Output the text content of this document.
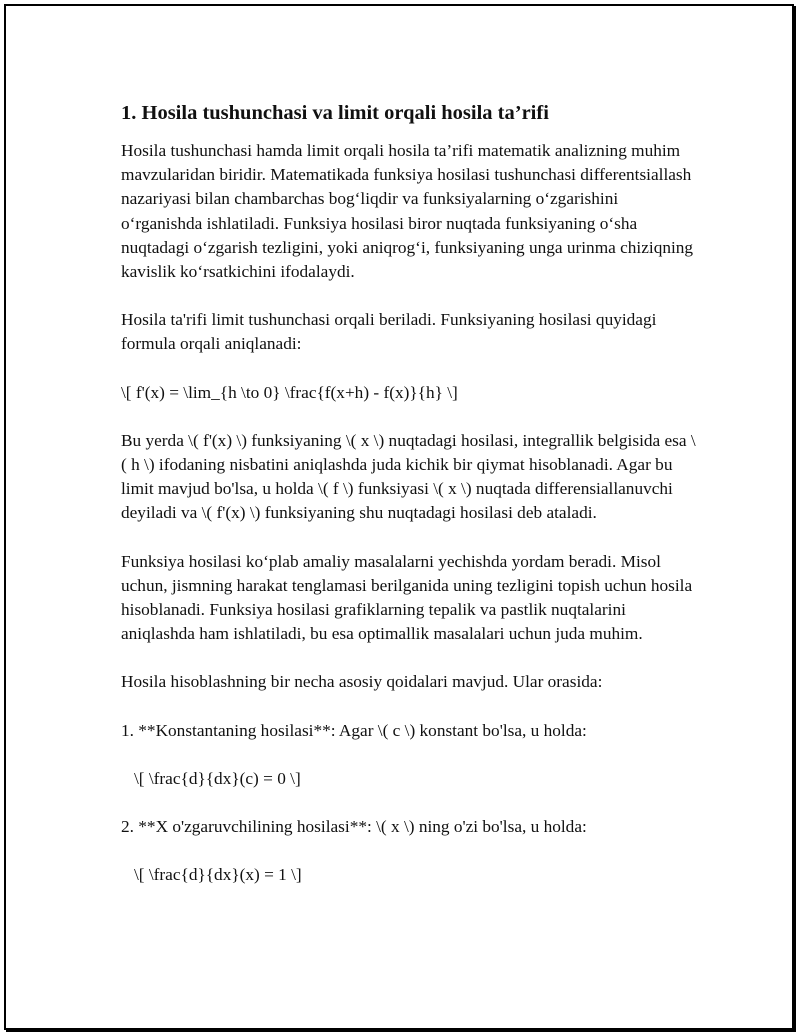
1. Hosila tushunchasi va limit orqali hosila ta’rifi

Hosila tushunchasi hamda limit orqali hosila ta’rifi matematik analizning muhim mavzularidan biridir. Matematikada funksiya hosilasi tushunchasi differentsiallash nazariyasi bilan chambarchas bog‘liqdir va funksiyalarning o‘zgarishini o‘rganishda ishlatiladi. Funksiya hosilasi biror nuqtada funksiyaning o‘sha nuqtadagi o‘zgarish tezligini, yoki aniqrog‘i, funksiyaning unga urinma chiziqning kavislik ko‘rsatkichini ifodalaydi.

Hosila ta'rifi limit tushunchasi orqali beriladi. Funksiyaning hosilasi quyidagi formula orqali aniqlanadi:

\[ f'(x) = \lim_{h \to 0} \frac{f(x+h) - f(x)}{h} \]

Bu yerda \( f'(x) \) funksiyaning \( x \) nuqtadagi hosilasi, integrallik belgisida esa \( h \) ifodaning nisbatini aniqlashda juda kichik bir qiymat hisoblanadi. Agar bu limit mavjud bo'lsa, u holda \( f \) funksiyasi \( x \) nuqtada differensiallanuvchi deyiladi va \( f'(x) \) funksiyaning shu nuqtadagi hosilasi deb ataladi.

Funksiya hosilasi ko‘plab amaliy masalalarni yechishda yordam beradi. Misol uchun, jismning harakat tenglamasi berilganida uning tezligini topish uchun hosila hisoblanadi. Funksiya hosilasi grafiklarning tepalik va pastlik nuqtalarini aniqlashda ham ishlatiladi, bu esa optimallik masalalari uchun juda muhim.

Hosila hisoblashning bir necha asosiy qoidalari mavjud. Ular orasida:

1. **Konstantaning hosilasi**: Agar \( c \) konstant bo'lsa, u holda:

\[ \frac{d}{dx}(c) = 0 \]

2. **X o'zgaruvchilining hosilasi**: \( x \) ning o'zi bo'lsa, u holda:

\[ \frac{d}{dx}(x) = 1 \]
